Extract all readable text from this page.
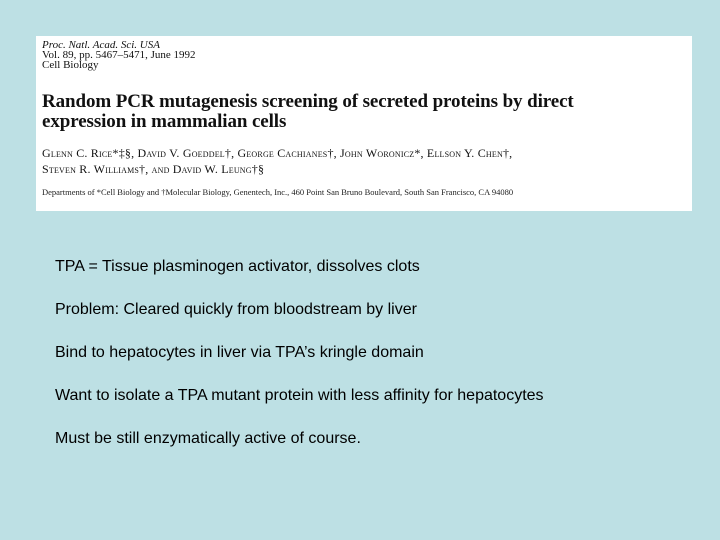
Proc. Natl. Acad. Sci. USA
Vol. 89, pp. 5467–5471, June 1992
Cell Biology
Random PCR mutagenesis screening of secreted proteins by direct
expression in mammalian cells
Glenn C. Rice*‡§, David V. Goeddel†, George Cachianes†, John Woronicz*, Ellson Y. Chen†,
Steven R. Williams†, and David W. Leung†§
Departments of *Cell Biology and †Molecular Biology, Genentech, Inc., 460 Point San Bruno Boulevard, South San Francisco, CA 94080
TPA = Tissue plasminogen activator, dissolves clots
Problem: Cleared quickly from bloodstream by liver
Bind to hepatocytes in liver via TPA’s kringle domain
Want to isolate a TPA mutant protein with less affinity for hepatocytes
Must be still enzymatically active of course.
